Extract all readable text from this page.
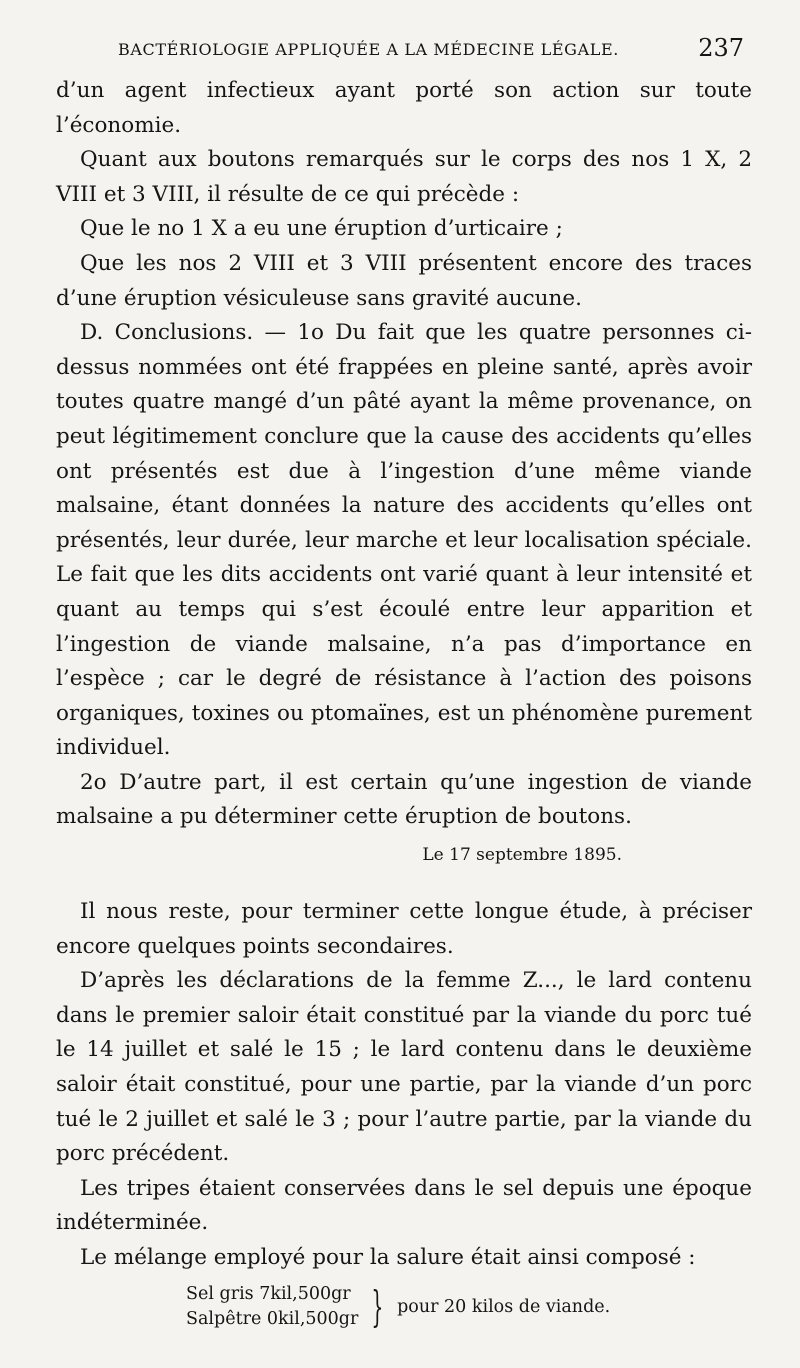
BACTÉRIOLOGIE APPLIQUÉE A LA MÉDECINE LÉGALE.	237

d’un agent infectieux ayant porté son action sur toute l’économie.

Quant aux boutons remarqués sur le corps des nos 1 X, 2 VIII et 3 VIII, il résulte de ce qui précède :

Que le no 1 X a eu une éruption d’urticaire ;

Que les nos 2 VIII et 3 VIII présentent encore des traces d’une éruption vésiculeuse sans gravité aucune.

D. Conclusions. — 1o Du fait que les quatre personnes ci-dessus nommées ont été frappées en pleine santé, après avoir toutes quatre mangé d’un pâté ayant la même provenance, on peut légitimement conclure que la cause des accidents qu’elles ont présentés est due à l’ingestion d’une même viande malsaine, étant données la nature des accidents qu’elles ont présentés, leur durée, leur marche et leur localisation spéciale. Le fait que les dits accidents ont varié quant à leur intensité et quant au temps qui s’est écoulé entre leur apparition et l’ingestion de viande malsaine, n’a pas d’importance en l’espèce ; car le degré de résistance à l’action des poisons organiques, toxines ou ptomaïnes, est un phénomène purement individuel.

2o D’autre part, il est certain qu’une ingestion de viande malsaine a pu déterminer cette éruption de boutons.

Le 17 septembre 1895.

Il nous reste, pour terminer cette longue étude, à préciser encore quelques points secondaires.

D’après les déclarations de la femme Z..., le lard contenu dans le premier saloir était constitué par la viande du porc tué le 14 juillet et salé le 15 ; le lard contenu dans le deuxième saloir était constitué, pour une partie, par la viande d’un porc tué le 2 juillet et salé le 3 ; pour l’autre partie, par la viande du porc précédent.

Les tripes étaient conservées dans le sel depuis une époque indéterminée.

Le mélange employé pour la salure était ainsi composé :

Sel gris 7kil,500gr
Salpêtre 0kil,500gr } pour 20 kilos de viande.
